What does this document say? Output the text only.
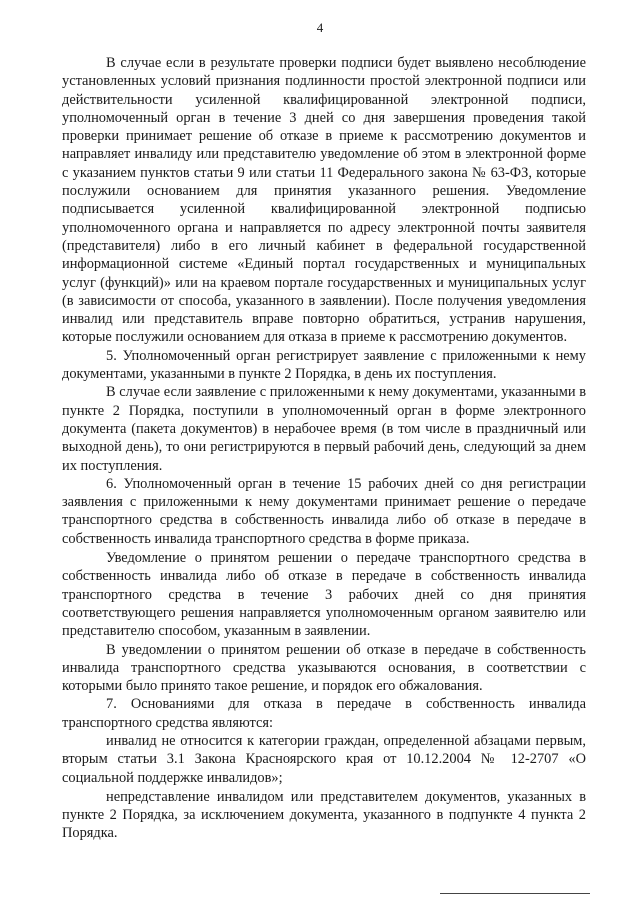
4

В случае если в результате проверки подписи будет выявлено несоблюдение установленных условий признания подлинности простой электронной подписи или действительности усиленной квалифицированной электронной подписи, уполномоченный орган в течение 3 дней со дня завершения проведения такой проверки принимает решение об отказе в приеме к рассмотрению документов и направляет инвалиду или представителю уведомление об этом в электронной форме с указанием пунктов статьи 9 или статьи 11 Федерального закона № 63-ФЗ, которые послужили основанием для принятия указанного решения. Уведомление подписывается усиленной квалифицированной электронной подписью уполномоченного органа и направляется по адресу электронной почты заявителя (представителя) либо в его личный кабинет в федеральной государственной информационной системе «Единый портал государственных и муниципальных услуг (функций)» или на краевом портале государственных и муниципальных услуг (в зависимости от способа, указанного в заявлении). После получения уведомления инвалид или представитель вправе повторно обратиться, устранив нарушения, которые послужили основанием для отказа в приеме к рассмотрению документов.

5. Уполномоченный орган регистрирует заявление с приложенными к нему документами, указанными в пункте 2 Порядка, в день их поступления.

В случае если заявление с приложенными к нему документами, указанными в пункте 2 Порядка, поступили в уполномоченный орган в форме электронного документа (пакета документов) в нерабочее время (в том числе в праздничный или выходной день), то они регистрируются в первый рабочий день, следующий за днем их поступления.

6. Уполномоченный орган в течение 15 рабочих дней со дня регистрации заявления с приложенными к нему документами принимает решение о передаче транспортного средства в собственность инвалида либо об отказе в передаче в собственность инвалида транспортного средства в форме приказа.

Уведомление о принятом решении о передаче транспортного средства в собственность инвалида либо об отказе в передаче в собственность инвалида транспортного средства в течение 3 рабочих дней со дня принятия соответствующего решения направляется уполномоченным органом заявителю или представителю способом, указанным в заявлении.

В уведомлении о принятом решении об отказе в передаче в собственность инвалида транспортного средства указываются основания, в соответствии с которыми было принято такое решение, и порядок его обжалования.

7. Основаниями для отказа в передаче в собственность инвалида транспортного средства являются:

инвалид не относится к категории граждан, определенной абзацами первым, вторым статьи 3.1 Закона Красноярского края от 10.12.2004 № 12-2707 «О социальной поддержке инвалидов»;

непредставление инвалидом или представителем документов, указанных в пункте 2 Порядка, за исключением документа, указанного в подпункте 4 пункта 2 Порядка.
